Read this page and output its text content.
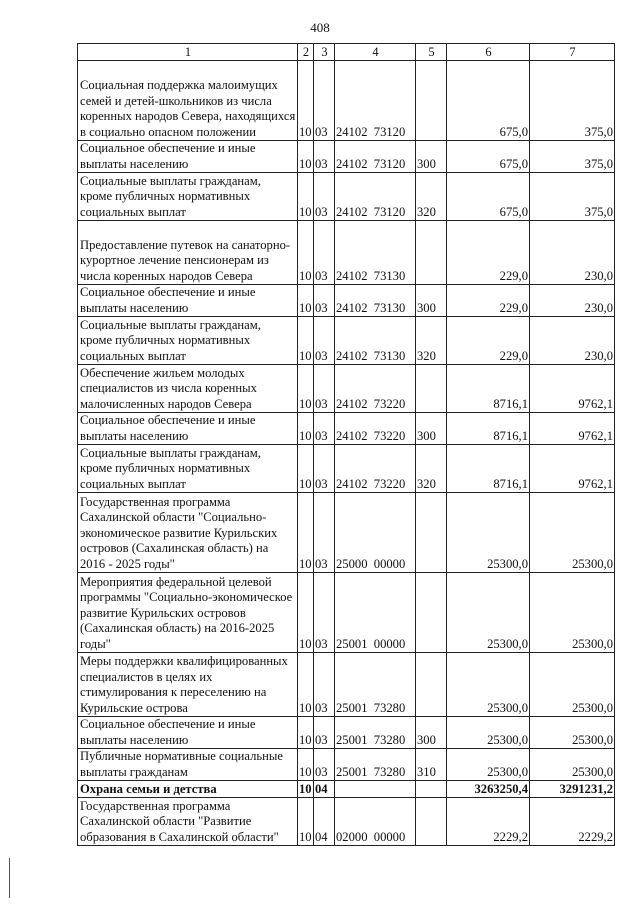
408
1	2	3	4	5	6	7
Социальная поддержка малоимущих семей и детей-школьников из числа коренных народов Севера, находящихся в социально опасном положении	10	03	24102  73120		675,0	375,0
Социальное обеспечение и иные выплаты населению	10	03	24102  73120	300	675,0	375,0
Социальные выплаты гражданам, кроме публичных нормативных социальных выплат	10	03	24102  73120	320	675,0	375,0
Предоставление путевок на санаторно-курортное лечение пенсионерам из числа коренных народов Севера	10	03	24102  73130		229,0	230,0
Социальное обеспечение и иные выплаты населению	10	03	24102  73130	300	229,0	230,0
Социальные выплаты гражданам, кроме публичных нормативных социальных выплат	10	03	24102  73130	320	229,0	230,0
Обеспечение жильем молодых специалистов из числа коренных малочисленных народов Севера	10	03	24102  73220		8716,1	9762,1
Социальное обеспечение и иные выплаты населению	10	03	24102  73220	300	8716,1	9762,1
Социальные выплаты гражданам, кроме публичных нормативных социальных выплат	10	03	24102  73220	320	8716,1	9762,1
Государственная программа Сахалинской области "Социально-экономическое развитие Курильских островов (Сахалинская область) на 2016 - 2025 годы"	10	03	25000  00000		25300,0	25300,0
Мероприятия федеральной целевой программы "Социально-экономическое развитие Курильских островов (Сахалинская область) на 2016-2025 годы"	10	03	25001  00000		25300,0	25300,0
Меры поддержки квалифицированных специалистов в целях их стимулирования к переселению на Курильские острова	10	03	25001  73280		25300,0	25300,0
Социальное обеспечение и иные выплаты населению	10	03	25001  73280	300	25300,0	25300,0
Публичные нормативные социальные выплаты гражданам	10	03	25001  73280	310	25300,0	25300,0
Охрана семьи и детства	10	04			3263250,4	3291231,2
Государственная программа Сахалинской области "Развитие образования в Сахалинской области"	10	04	02000  00000		2229,2	2229,2
